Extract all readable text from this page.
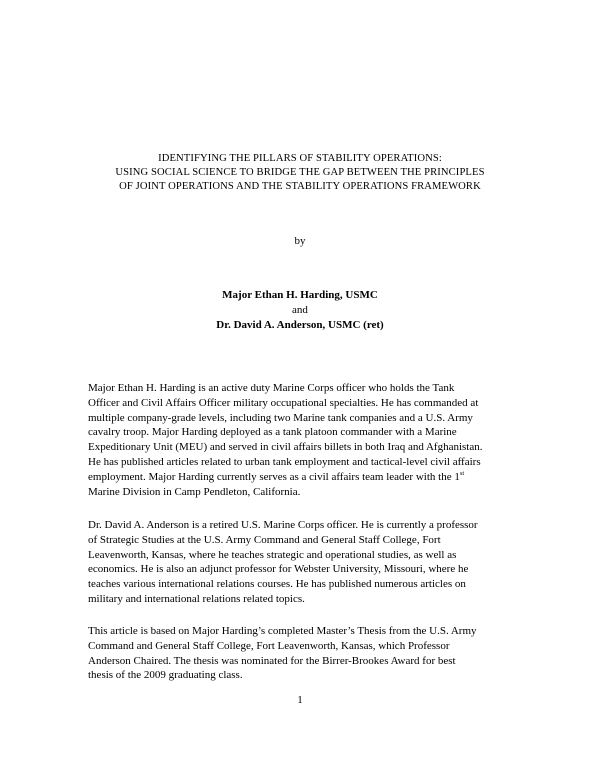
IDENTIFYING THE PILLARS OF STABILITY OPERATIONS:
USING SOCIAL SCIENCE TO BRIDGE THE GAP BETWEEN THE PRINCIPLES
OF JOINT OPERATIONS AND THE STABILITY OPERATIONS FRAMEWORK
by
Major Ethan H. Harding, USMC
and
Dr. David A. Anderson, USMC (ret)
Major Ethan H. Harding is an active duty Marine Corps officer who holds the Tank
Officer and Civil Affairs Officer military occupational specialties. He has commanded at
multiple company-grade levels, including two Marine tank companies and a U.S. Army
cavalry troop. Major Harding deployed as a tank platoon commander with a Marine
Expeditionary Unit (MEU) and served in civil affairs billets in both Iraq and Afghanistan.
He has published articles related to urban tank employment and tactical-level civil affairs
employment. Major Harding currently serves as a civil affairs team leader with the 1st
Marine Division in Camp Pendleton, California.
Dr. David A. Anderson is a retired U.S. Marine Corps officer. He is currently a professor
of Strategic Studies at the U.S. Army Command and General Staff College, Fort
Leavenworth, Kansas, where he teaches strategic and operational studies, as well as
economics. He is also an adjunct professor for Webster University, Missouri, where he
teaches various international relations courses. He has published numerous articles on
military and international relations related topics.
This article is based on Major Harding’s completed Master’s Thesis from the U.S. Army
Command and General Staff College, Fort Leavenworth, Kansas, which Professor
Anderson Chaired. The thesis was nominated for the Birrer-Brookes Award for best
thesis of the 2009 graduating class.
1
